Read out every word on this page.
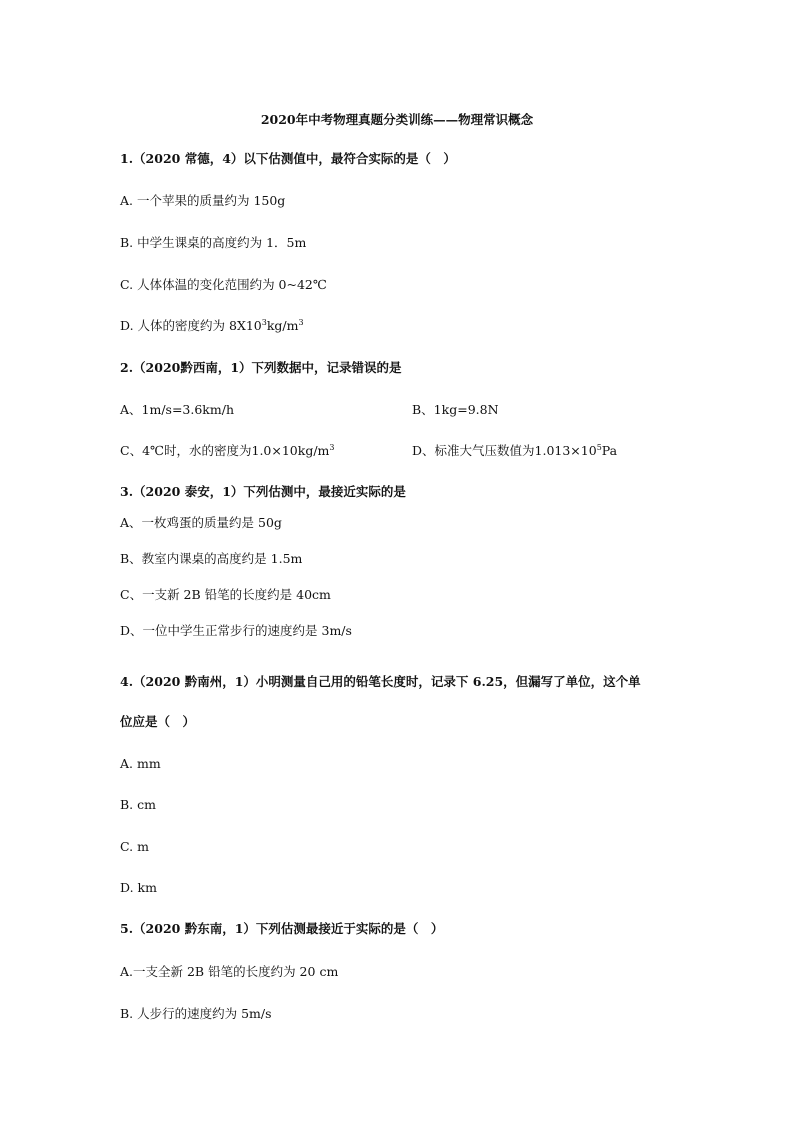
2020年中考物理真题分类训练——物理常识概念
1.（2020 常德，4）以下估测值中，最符合实际的是（　）
A. 一个苹果的质量约为 150g
B. 中学生课桌的高度约为 1．5m
C. 人体体温的变化范围约为 0~42℃
D. 人体的密度约为 $8X10^3kg/m^3$
2.（2020黔西南，1）下列数据中，记录错误的是
A、1m/s=3.6km/h	B、1kg=9.8N
C、4℃时，水的密度为$1.0\times 10kg/m^3$	D、标准大气压数值为$1.013\times 10^5Pa$
3.（2020 泰安，1）下列估测中，最接近实际的是
A、一枚鸡蛋的质量约是 50g
B、教室内课桌的高度约是 1.5m
C、一支新 2B 铅笔的长度约是 40cm
D、一位中学生正常步行的速度约是 3m/s
4.（2020 黔南州，1）小明测量自己用的铅笔长度时，记录下 6.25，但漏写了单位，这个单
位应是（　）
A. mm
B. cm
C. m
D. km
5.（2020 黔东南，1）下列估测最接近于实际的是（　）
A.一支全新 2B 铅笔的长度约为 20 cm
B. 人步行的速度约为 5m/s
